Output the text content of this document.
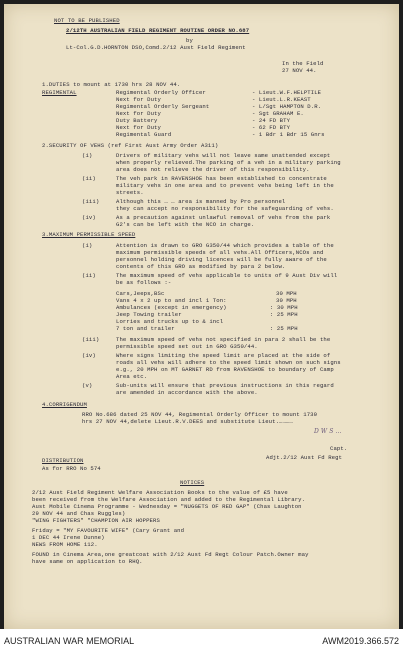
NOT TO BE PUBLISHED
2/12TH AUSTRALIAN FIELD REGIMENT ROUTINE ORDER NO.687
by
Lt-Col.G.D.HORNTON DSO,Comd.2/12 Aust Field Regiment
In the Field
27 NOV 44.
1.DUTIES to mount at 1730 hrs 28 NOV 44.
REGIMENTAL	Regimental Orderly Officer	- Lieut.W.F.HELPTILE
Next for Duty	- Lieut.L.R.KEAST
Regimental Orderly Sergeant	- L/Sgt HAMPTON D.R.
Next for Duty	- Sgt GRAHAM E.
Duty Battery	- 24 FD BTY
Next for Duty	- 62 FD BTY
Regimental Guard	- 1 Bdr 1 Bdr 15 Gnrs
2.SECURITY OF VEHS (ref First Aust Army Order A311)
(i)	Drivers of military vehs will not leave same unattended except
when properly relieved.The parking of a veh in a military parking
area does not relieve the driver of this responsibility.
(ii)	The veh park in RAVENSHOE has been established to concentrate
military vehs in one area and to prevent vehs being left in the
streets.
(iii)	Although this … … area is manned by Pro personnel
they can accept no responsibility for the safeguarding of vehs.
(iv)	As a precaution against unlawful removal of vehs from the park
G2's can be left with the NCO in charge.
3.MAXIMUM PERMISSIBLE SPEED
(i)	Attention is drawn to GRO G350/44 which provides a table of the
maximum permissible speeds of all vehs.All Officers,NCOs and
personnel holding driving licences will be fully aware of the
contents of this GRO as modified by para 2 below.
(ii)	The maximum speed of vehs applicable to units of 9 Aust Div will
be as follows :-
Cars,Jeeps,BSc	30 MPH
Vans 4 x 2 up to and incl 1 Ton:	30 MPH
Ambulances (except in emergency)	: 30 MPH
Jeep Towing trailer	: 25 MPH
Lorries and trucks up to & incl
7 ton and trailer	: 25 MPH
(iii)	The maximum speed of vehs not specified in para 2 shall be the
permissible speed set out in GRO G350/44.
(iv)	Where signs limiting the speed limit are placed at the side of
roads all vehs will adhere to the speed limit shown on such signs
e.g., 20 MPH on MT GARNET RD from RAVENSHOE to boundary of Camp
Area etc.
(v)	Sub-units will ensure that previous instructions in this regard
are amended in accordance with the above.
4.CORRIGENDUM
RRO No.686 dated 25 NOV 44, Regimental Orderly Officer to mount 1730
hrs 27 NOV 44,delete Lieut.R.V.DEES and substitute Lieut.…………
D W S …
Capt.
Adjt.2/12 Aust Fd Regt
DISTRIBUTION
As for RRO No 574
NOTICES
2/12 Aust Field Regiment Welfare Association Books to the value of £5 have
been received from the Welfare Association and added to the Regimental Library.
Aust Mobile Cinema Programme - Wednesday = "NUGGETS OF RED GAP" (Chas Laughton
29 NOV 44 and Chas Ruggles)
"WING FIGHTERS" "CHAMPION AIR HOPPERS
Friday = "MY FAVOURITE WIFE" (Cary Grant and
1 DEC 44 Irene Dunne)
NEWS FROM HOME 112.
FOUND in Cinema Area,one greatcoat with 2/12 Aust Fd Regt Colour Patch.Owner may
have same on application to RHQ.
AUSTRALIAN WAR MEMORIAL	AWM2019.366.572
